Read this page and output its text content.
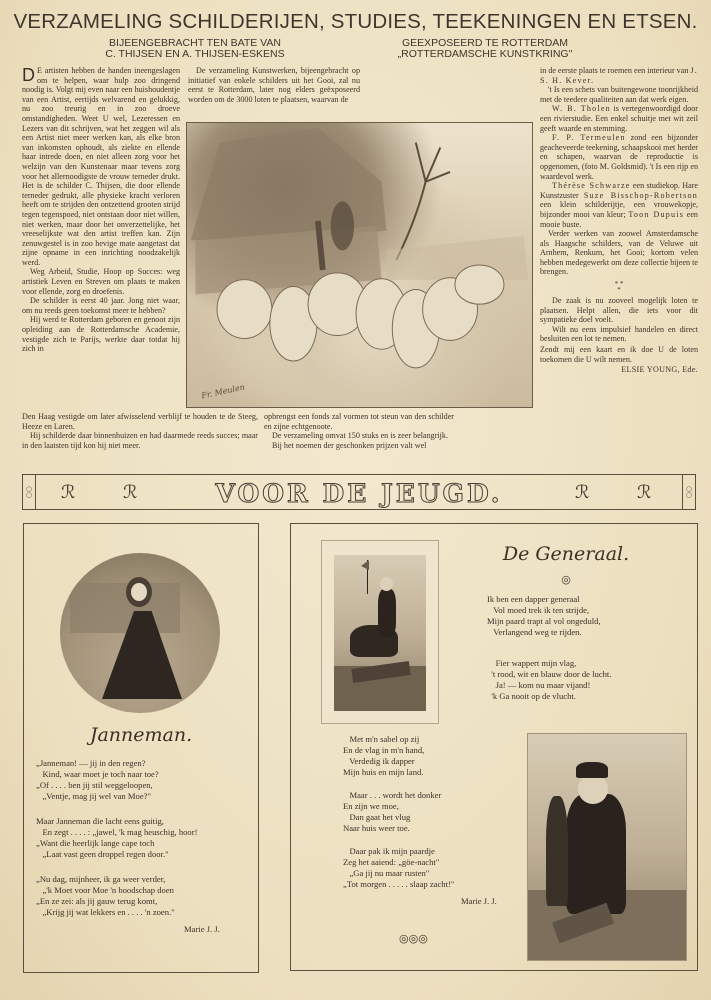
VERZAMELING SCHILDERIJEN, STUDIES, TEEKENINGEN EN ETSEN.
BIJEENGEBRACHT TEN BATE VAN
C. THIJSEN EN A. THIJSEN-ESKENS
GEEXPOSEERD TE ROTTERDAM
„ROTTERDAMSCHE KUNSTKRING"

D E artisten hebben de handen ineengeslagen om te helpen, waar hulp zoo dringend noodig is. Volgt mij even naar een huishoudentje van een Artist, eertijds welvarend en gelukkig, nu zoo treurig en in zoo droeve omstandigheden. Weet U wel, Lezeressen en Lezers van dit schrijven, wat het zeggen wil als een Artist niet meer werken kan, als elke bron van inkomsten ophoudt, als ziekte en ellende haar intrede doen, en niet alleen zorg voor het welzijn van den Kunstenaar maar tevens zorg voor het allernoodigste de vrouw terneder drukt. Het is de schilder C. Thijsen, die door ellende terneder gedrukt, alle physieke kracht verloren heeft om te strijden den ontzettend grooten strijd tegen tegenspoed, niet ontstaan door niet willen, niet werken, maar door het onverzettelijke, het vreeselijkste wat den artist treffen kan. Zijn zenuwgestel is in zoo hevige mate aangetast dat zijne opname in een inrichting noodzakelijk werd.

Weg Arbeid, Studie, Hoop op Succes: weg artistiek Leven en Streven om plaats te maken voor ellende, zorg en droefenis.

De schilder is eerst 40 jaar. Jong niet waar, om nu reeds geen toekomst meer te hebben?

Hij werd te Rotterdam geboren en genoot zijn opleiding aan de Rotterdamsche Academie, vestigde zich te Parijs, werkte daar totdat hij zich in

Den Haag vestigde om later afwisselend verblijf te houden te de Steeg, Heeze en Laren.

Hij schilderde daar binnenhuizen en had daarmede reeds succes; maar in den laatsten tijd kon hij niet meer.

De verzameling Kunstwerken, bijeengebracht op initiatief van enkele schilders uit het Gooi, zal nu eerst te Rotterdam, later nog elders geëxposeerd worden om de 3000 loten te plaatsen, waarvan de

Fr. Meulen

opbrengst een fonds zal vormen tot steun van den schilder en zijne echtgenoote.

De verzameling omvat 150 stuks en is zeer belangrijk.

Bij het noemen der geschonken prijzen valt wel

in de eerste plaats te roemen een interieur van J. S. H. Kever.

't Is een schets van buitengewone toonrijkheid met de teedere qualiteiten aan dat werk eigen.

W. B. Tholen is vertegenwoordigd door een rivierstudie. Een enkel schuitje met wit zeil geeft waarde en stemming.

F. P. Termeulen zond een bijzonder geacheveerde teekening, schaapskooi met herder en schapen, waarvan de reproductie is opgenomen, (foto M. Goldsmid). 't Is een rijp en waardevol werk.

Thérèse Schwarze een studiekop. Hare Kunstzuster Suze Bisschop-Robertson een klein schilderijtje, een vrouwekopje, bijzonder mooi van kleur; Toon Dupuis een mooie buste.

Verder werken van zoowel Amsterdamsche als Haagsche schilders, van de Veluwe uit Arnhem, Renkum, het Gooi; kortom velen hebben medegewerkt om deze collectie bijeen te brengen.

* *
*

De zaak is nu zooveel mogelijk loten te plaatsen. Helpt allen, die iets voor dit sympatieke doel voelt.

Wilt nu eens impulsief handelen en direct besluiten een lot te nemen.

Zendt mij een kaart en ik doe U de loten toekomen die U wilt nemen.

ELSIE YOUNG, Ede.
○
○
○
○
ℛ	ℛ	VOOR DE JEUGD.	ℛ	ℛ
Janneman.
„Janneman! — jij in den regen?
Kind, waar moet je toch naar toe?
„Of . . . . ben jij stil weggeloopen,
„Ventje, mag jij wel van Moe?"
Maar Janneman die lacht eens guitig,
En zegt . . . . : „jawel, 'k mag heuschig, hoor!
„Want die heerlijk lange cape toch
„Laat vast geen droppel regen door."
„Nu dag, mijnheer, ik ga weer verder,
„'k Moet voor Moe 'n boodschap doen
„En ze zei: als jij gauw terug komt,
„Krijg jij wat lekkers en . . . . 'n zoen."
Marie J. J.
De Generaal.
◎
Ik ben een dapper generaal
Vol moed trek ik ten strijde,
Mijn paard trapt al vol ongeduld,
Verlangend weg te rijden.
Fier wappert mijn vlag,
't rood, wit en blauw door de lucht.
Ja! — kom nu maar vijand!
'k Ga nooit op de vlucht.
Met m'n sabel op zij
En de vlag in m'n hand,
Verdedig ik dapper
Mijn huis en mijn land.
Maar . . . wordt het donker
En zijn we moe,
Dan gaat het vlug
Naar huis weer toe.
Daar pak ik mijn paardje
Zeg het aaiend: „göe-nacht"
„Ga jij nu maar rusten"
„Tot morgen . . . . . slaap zacht!"
Marie J. J.
◎◎◎
